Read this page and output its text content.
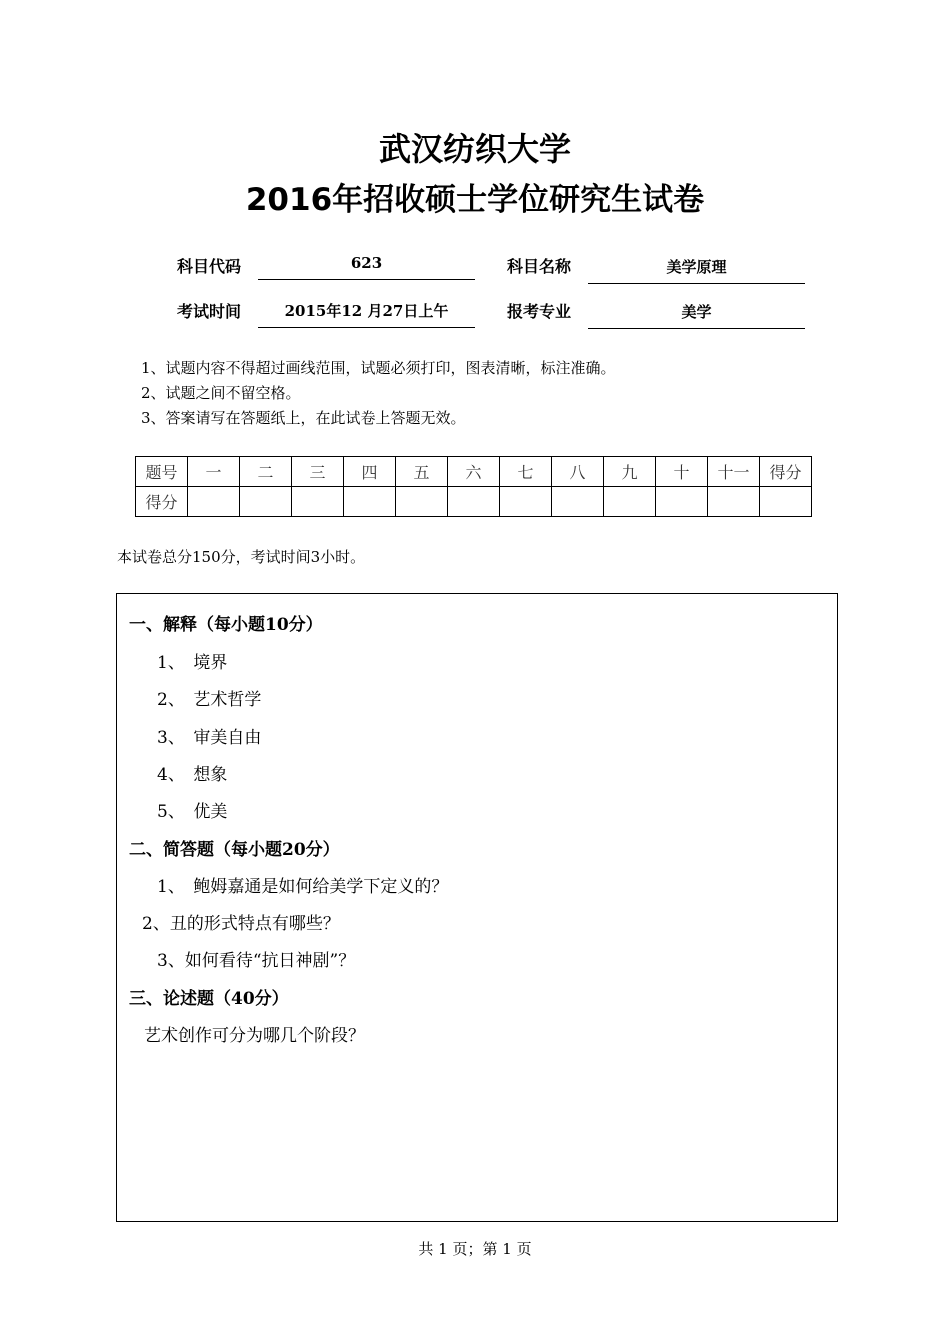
武汉纺织大学
2016年招收硕士学位研究生试卷
科目代码	623	科目名称	美学原理
考试时间	2015年12 月27日上午	报考专业	美学
1、试题内容不得超过画线范围，试题必须打印，图表清晰，标注准确。
2、试题之间不留空格。
3、答案请写在答题纸上，在此试卷上答题无效。
题号	一	二	三	四	五	六	七	八	九	十	十一	得分
得分												
本试卷总分150分，考试时间3小时。
一、解释（每小题10分）
1、　境界
2、　艺术哲学
3、　审美自由
4、　想象
5、　优美
二、简答题（每小题20分）
1、　鲍姆嘉通是如何给美学下定义的？
2、丑的形式特点有哪些？
3、如何看待“抗日神剧”？
三、论述题（40分）
艺术创作可分为哪几个阶段？
共 1 页；第 1 页
